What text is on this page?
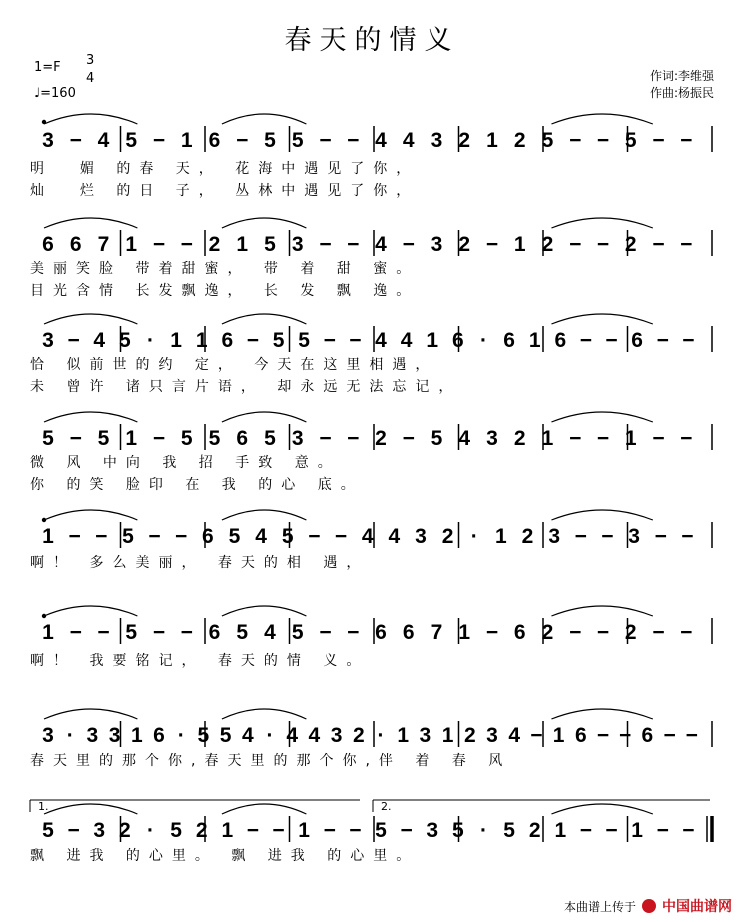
春天的情义
1=F 3
4
♩=160
作词:李维强
作曲:杨振民
1.	2.
3 − 4 5 − 1 6 − 5 5 − − 4 4 3 2 1 2 5 − − 5 − −
明  媚 的春 天， 花海中遇见了你，
灿  烂 的日 子， 丛林中遇见了你，
6 6 7 1 − − 2 1 5 3 − − 4 − 3 2 − 1 2 − − 2 − −
美丽笑脸 带着甜蜜， 带 着 甜 蜜。
目光含情 长发飘逸， 长 发 飘 逸。
3 − 4 5 · 1 1 6 − 5 5 − − 4 4 1 6 · 6 1 6 − − 6 − −
恰 似前世的约 定， 今天在这里相遇，
未 曾许 诸只言片语， 却永远无法忘记，
5 − 5 1 − 5 5 6 5 3 − − 2 − 5 4 3 2 1 − − 1 − −
微 风 中向 我 招 手致 意。
你 的笑 脸印 在 我 的心 底。
1 − − 5 − − 6 5 4 5 − − 4 4 3 2 · 1 2 3 − − 3 − −
啊！ 多么美丽， 春天的相 遇，
1 − − 5 − − 6 5 4 5 − − 6 6 7 1 − 6 2 − − 2 − −
啊！ 我要铭记， 春天的情 义。
3 · 3 3 1 6 · 5 5 4 · 4 4 3 2 · 1 3 1 2 3 4 − 1 6 − − 6 − −
春天里的那个你,春天里的那个你,伴 着 春 风
5 − 3 2 · 5 2 1 − − 1 − − 5 − 3 5 · 5 2 1 − − 1 − −
飘 进我 的心里。 飘 进我 的心里。
本曲谱上传于 中国曲谱网
